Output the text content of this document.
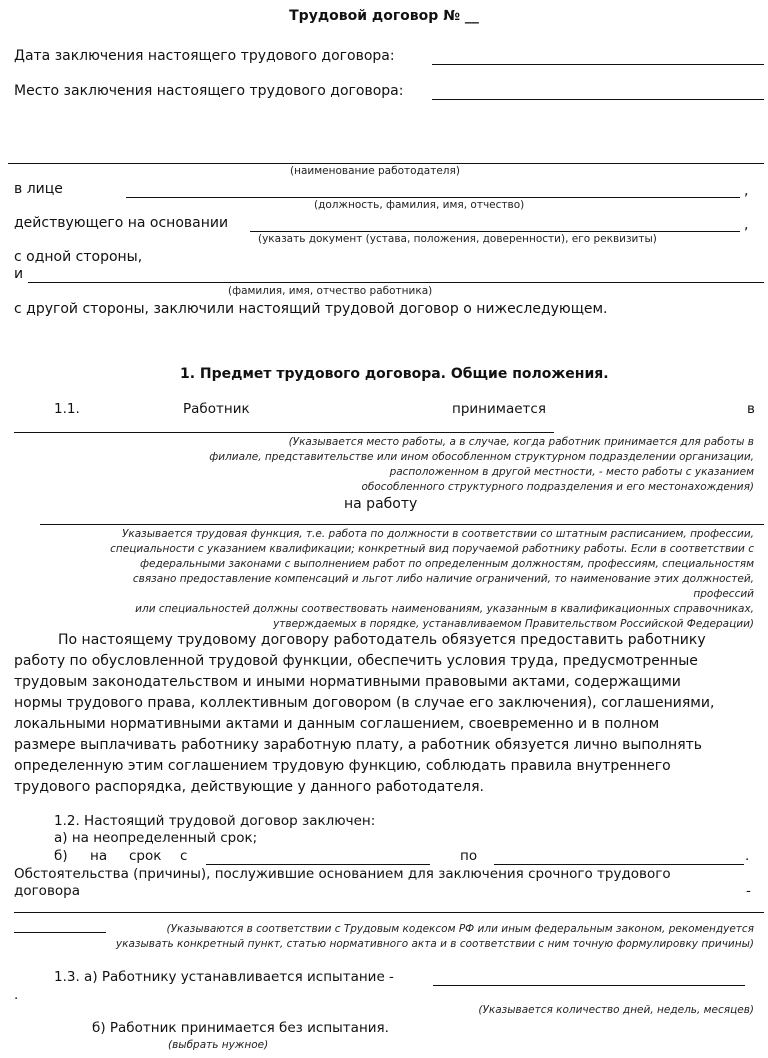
Трудовой договор № __
Дата заключения настоящего трудового договора:
Место заключения настоящего трудового договора:
(наименование работодателя)
в лице	,
(должность, фамилия, имя, отчество)
действующего на основании	,
(указать документ (устава, положения, доверенности), его реквизиты)
с одной стороны,
и
(фамилия, имя, отчество работника)
с другой стороны, заключили настоящий трудовой договор о нижеследующем.
1. Предмет трудового договора. Общие положения.
1.1.	Работник	принимается	в
(Указывается место работы, а в случае, когда работник принимается для работы в
филиале, представительстве или ином обособленном структурном подразделении организации,
расположенном в другой местности, - место работы с указанием
обособленного структурного подразделения и его местонахождения)
на работу
Указывается трудовая функция, т.е. работа по должности в соответствии со штатным расписанием, профессии,
специальности с указанием квалификации; конкретный вид поручаемой работнику работы. Если в соответствии с
федеральными законами с выполнением работ по определенным должностям, профессиям, специальностям
связано предоставление компенсаций и льгот либо наличие ограничений, то наименование этих должностей,
профессий
или специальностей должны соотвествовать наименованиям, указанным в квалификационных справочниках,
утверждаемых в порядке, устанавливаемом Правительством Российской Федерации)
По настоящему трудовому договору работодатель обязуется предоставить работнику
работу по обусловленной трудовой функции, обеспечить условия труда, предусмотренные
трудовым законодательством и иными нормативными правовыми актами, содержащими
нормы трудового права, коллективным договором (в случае его заключения), соглашениями,
локальными нормативными актами и данным соглашением, своевременно и в полном
размере выплачивать работнику заработную плату, а работник обязуется лично выполнять
определенную этим соглашением трудовую функцию, соблюдать правила внутреннего
трудового распорядка, действующие у данного работодателя.
1.2. Настоящий трудовой договор заключен:
а) на неопределенный срок;
б) на срок с	по	.
Обстоятельства (причины), послужившие основанием для заключения срочного трудового
договора	-
(Указываются в соответствии с Трудовым кодексом РФ или иным федеральным законом, рекомендуется
указывать конкретный пункт, статью нормативного акта и в соответствии с ним точную формулировку причины)
1.3. а) Работнику устанавливается испытание -
.
(Указывается количество дней, недель, месяцев)
б) Работник принимается без испытания.
(выбрать нужное)
